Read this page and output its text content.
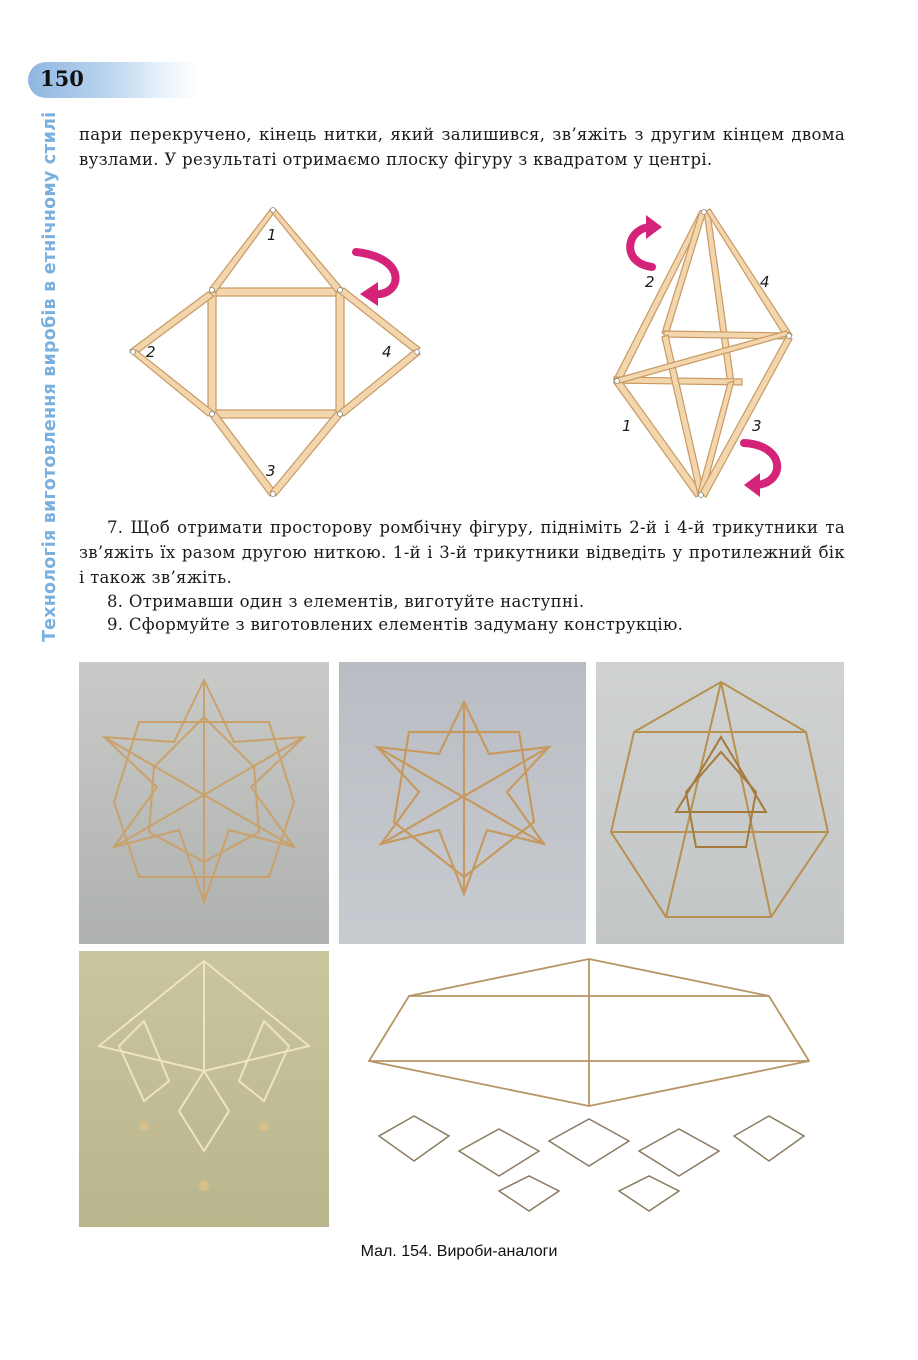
150
Технологія виготовлення виробів в етнічному стилі	пари перекручено, кінець нитки, який залишився, зв’яжіть з другим кінцем двома вузлами. У результаті отримаємо плоску фігуру з квадратом у центрі.
1
2
3
4
2	4
1	3
7. Щоб отримати просторову ромбічну фігуру, підніміть 2-й і 4-й трикутники та зв’яжіть їх разом другою ниткою. 1-й і 3-й трикутники відведіть у протилежний бік і також зв’яжіть.
8. Отримавши один з елементів, виготуйте наступні.
9. Сформуйте з виготовлених елементів задуману конструкцію.
Мал. 154. Вироби-аналоги
